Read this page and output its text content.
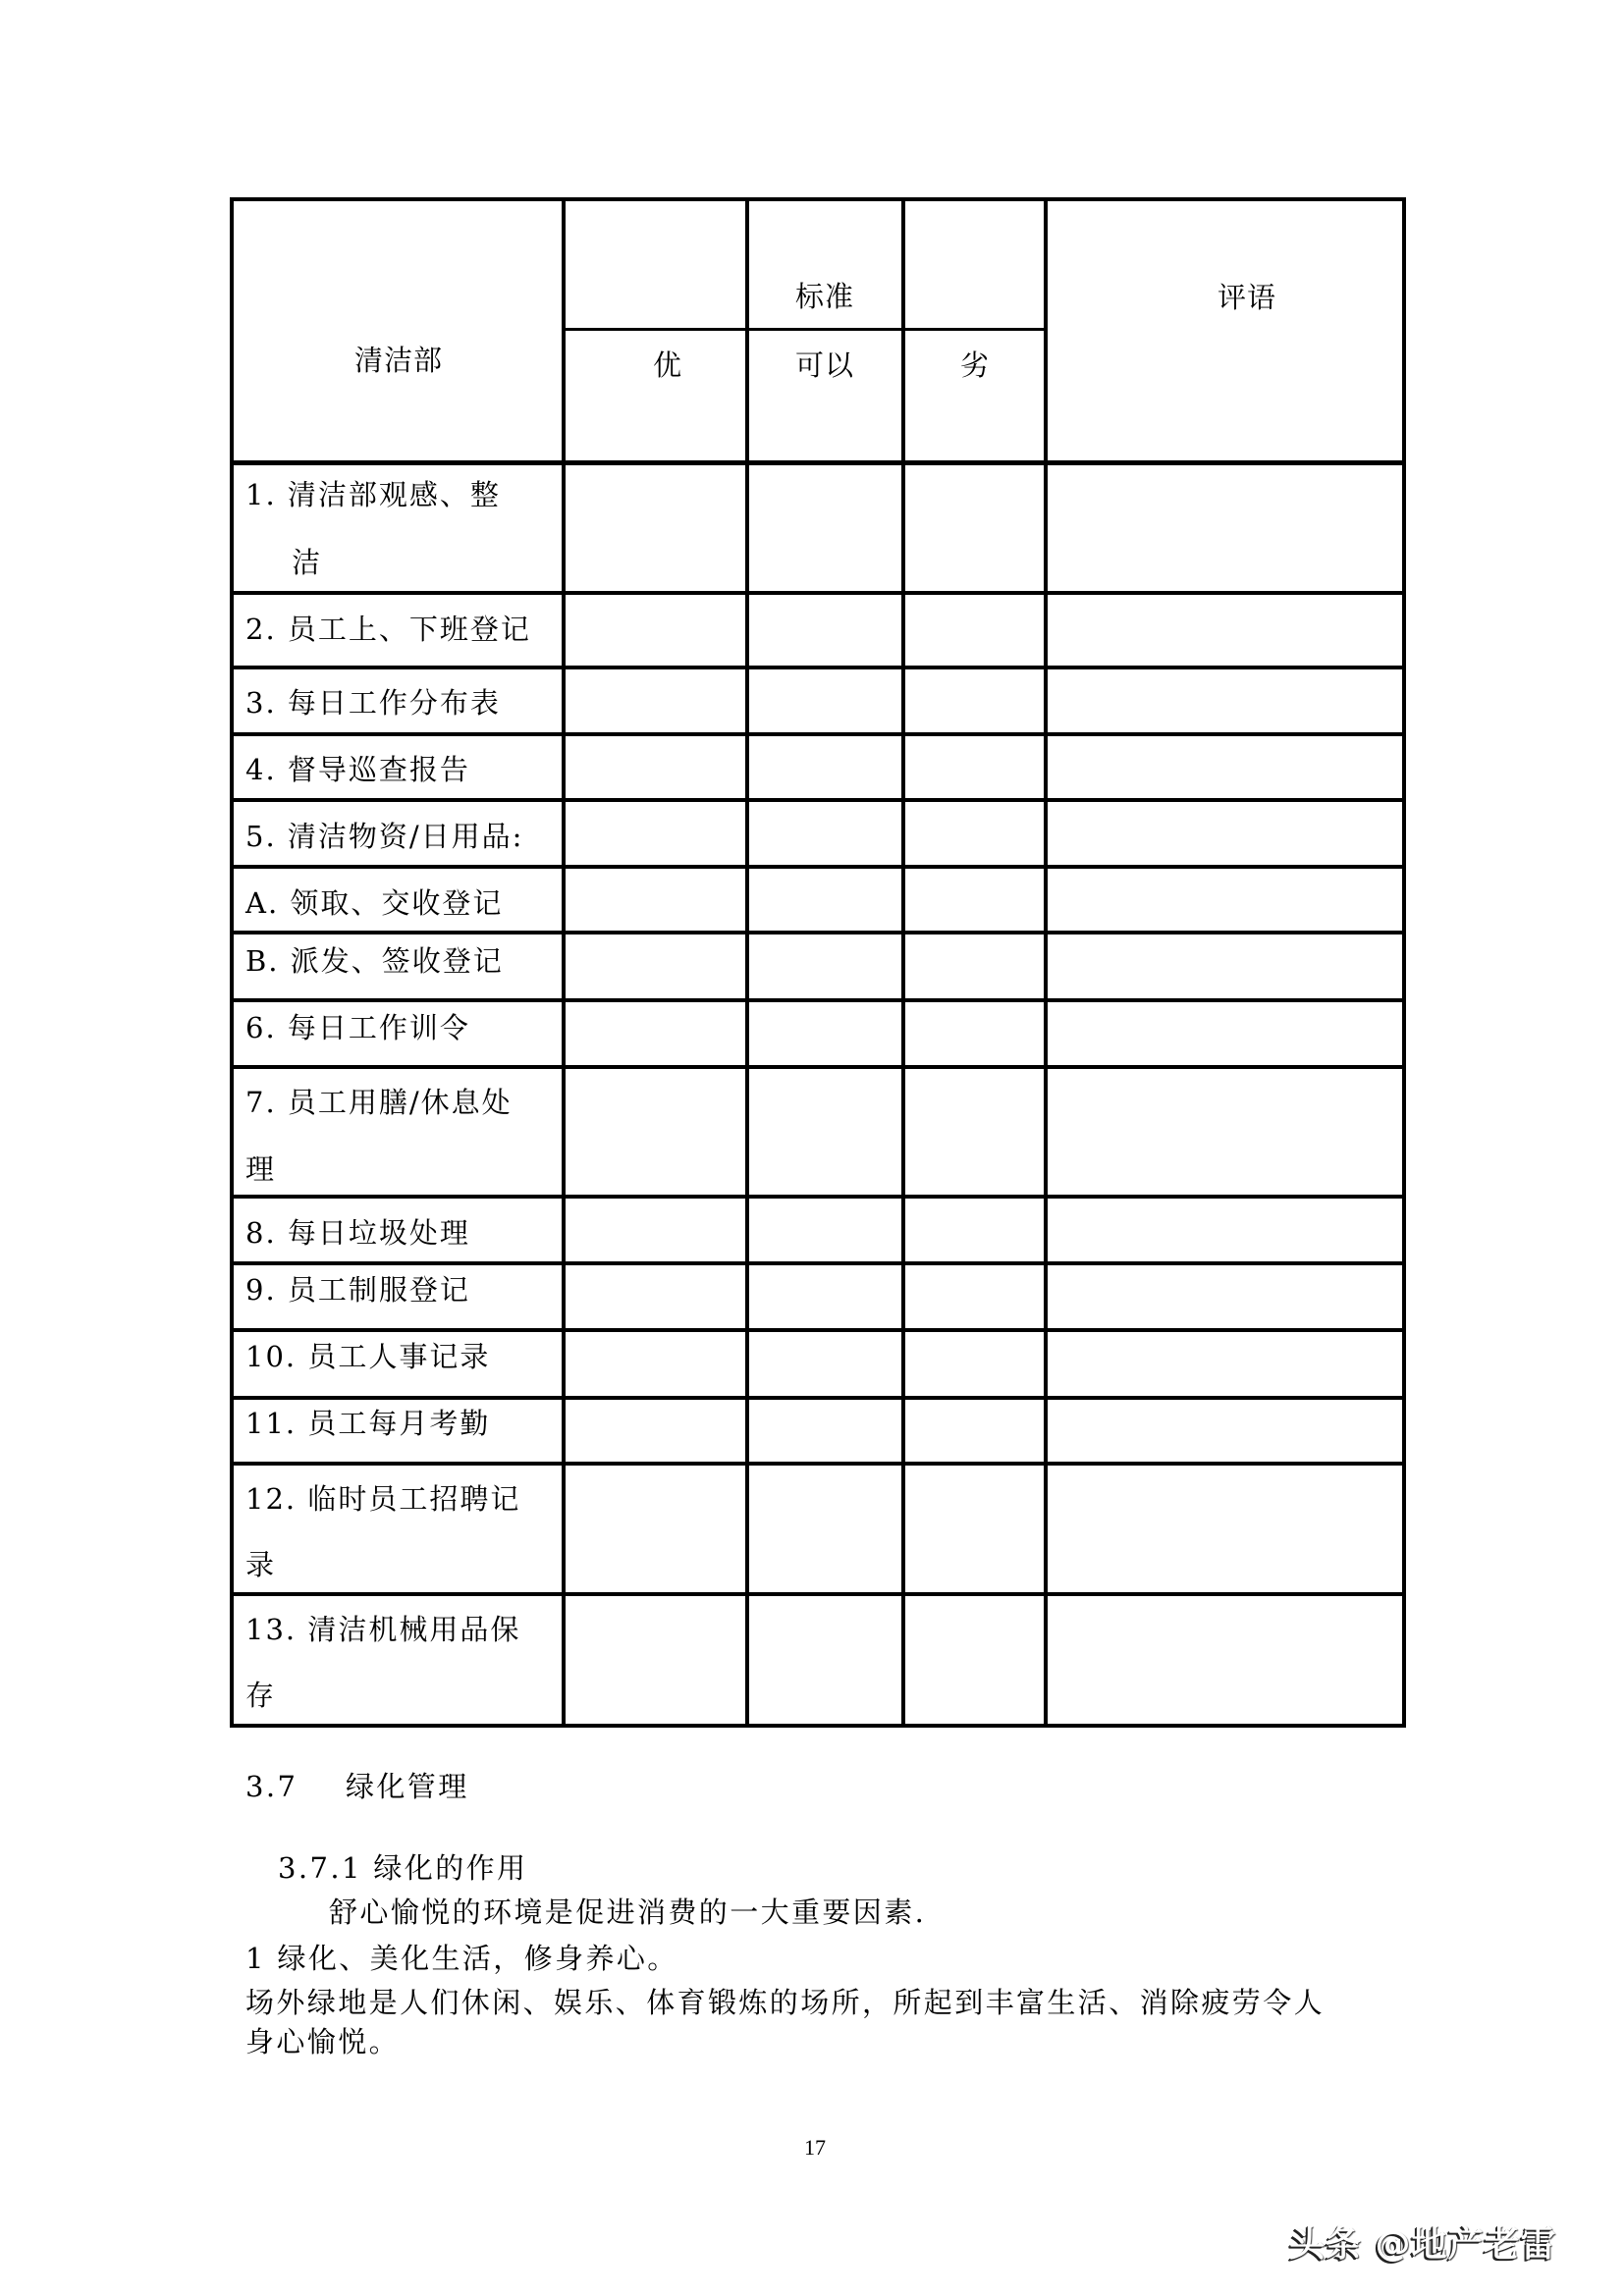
清洁部
标准
优	可以	劣
评语
1. 清洁部观感、整
洁
2. 员工上、下班登记
3. 每日工作分布表
4. 督导巡查报告
5. 清洁物资/日用品:
A. 领取、交收登记
B. 派发、签收登记
6. 每日工作训令
7. 员工用膳/休息处
理
8. 每日垃圾处理
9. 员工制服登记
10. 员工人事记录
11. 员工每月考勤
12. 临时员工招聘记
录
13. 清洁机械用品保
存
3.7 绿化管理
3.7.1 绿化的作用
舒心愉悦的环境是促进消费的一大重要因素.
1 绿化、美化生活，修身养心。
场外绿地是人们休闲、娱乐、体育锻炼的场所，所起到丰富生活、消除疲劳令人
身心愉悦。
17
头条 @地产老雷
